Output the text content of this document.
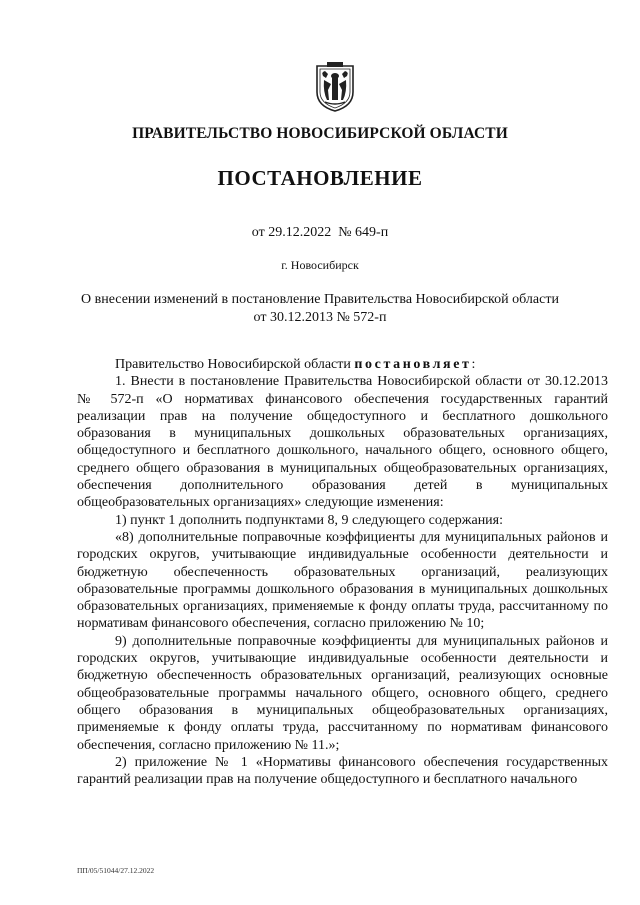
ПРАВИТЕЛЬСТВО НОВОСИБИРСКОЙ ОБЛАСТИ
ПОСТАНОВЛЕНИЕ
от 29.12.2022  № 649-п
г. Новосибирск
О внесении изменений в постановление Правительства Новосибирской области
от 30.12.2013 № 572-п

Правительство Новосибирской области постановляет:

1. Внести в постановление Правительства Новосибирской области от 30.12.2013 № 572-п «О нормативах финансового обеспечения государственных гарантий реализации прав на получение общедоступного и бесплатного дошкольного образования в муниципальных дошкольных образовательных организациях, общедоступного и бесплатного дошкольного, начального общего, основного общего, среднего общего образования в муниципальных общеобразовательных организациях, обеспечения дополнительного образования детей в муниципальных общеобразовательных организациях» следующие изменения:

1) пункт 1 дополнить подпунктами 8, 9 следующего содержания:

«8) дополнительные поправочные коэффициенты для муниципальных районов и городских округов, учитывающие индивидуальные особенности деятельности и бюджетную обеспеченность образовательных организаций, реализующих образовательные программы дошкольного образования в муниципальных дошкольных образовательных организациях, применяемые к фонду оплаты труда, рассчитанному по нормативам финансового обеспечения, согласно приложению № 10;

9) дополнительные поправочные коэффициенты для муниципальных районов и городских округов, учитывающие индивидуальные особенности деятельности и бюджетную обеспеченность образовательных организаций, реализующих основные общеобразовательные программы начального общего, основного общего, среднего общего образования в муниципальных общеобразовательных организациях, применяемые к фонду оплаты труда, рассчитанному по нормативам финансового обеспечения, согласно приложению № 11.»;

2) приложение № 1 «Нормативы финансового обеспечения государственных гарантий реализации прав на получение общедоступного и бесплатного начального

ПП/05/51044/27.12.2022
